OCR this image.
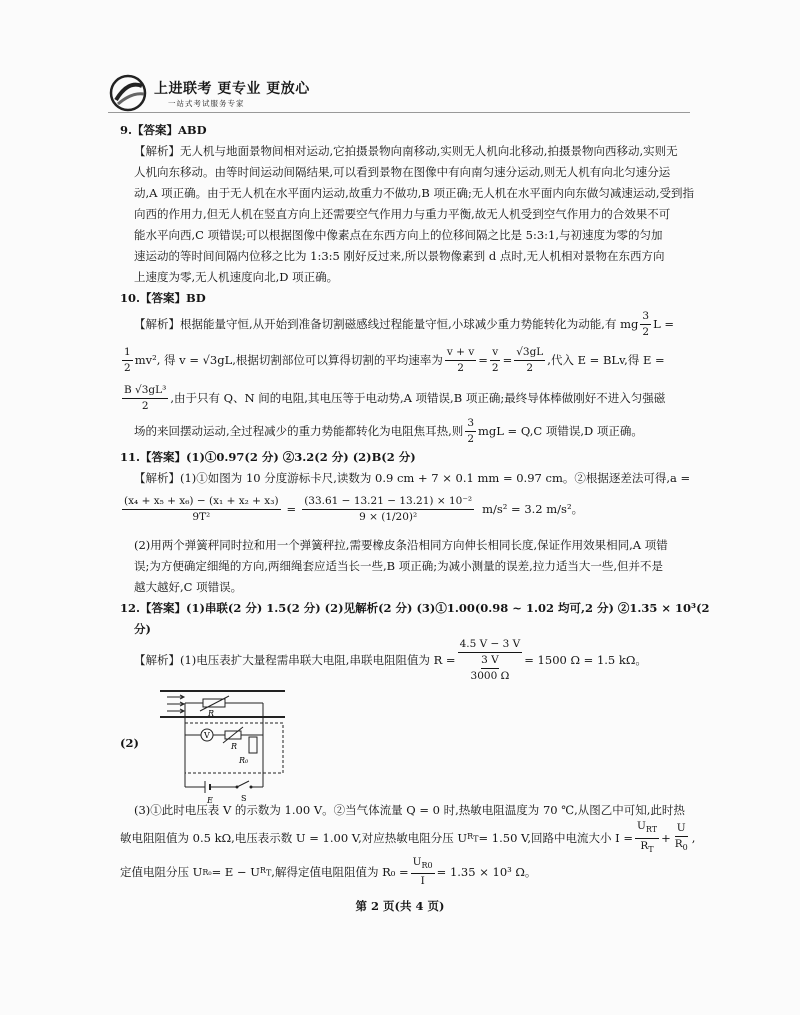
上进联考 更专业 更放心
一站式考试服务专家
9.【答案】ABD
【解析】无人机与地面景物间相对运动,它拍摄景物向南移动,实则无人机向北移动,拍摄景物向西移动,实则无
人机向东移动。由等时间运动间隔结果,可以看到景物在图像中有向南匀速分运动,则无人机有向北匀速分运
动,A 项正确。由于无人机在水平面内运动,故重力不做功,B 项正确;无人机在水平面内向东做匀减速运动,受到指
向西的作用力,但无人机在竖直方向上还需要空气作用力与重力平衡,故无人机受到空气作用力的合效果不可
能水平向西,C 项错误;可以根据图像中像素点在东西方向上的位移间隔之比是 5:3:1,与初速度为零的匀加
速运动的等时间间隔内位移之比为 1:3:5 刚好反过来,所以景物像素到 d 点时,无人机相对景物在东西方向
上速度为零,无人机速度向北,D 项正确。
10.【答案】BD
【解析】根据能量守恒,从开始到准备切割磁感线过程能量守恒,小球减少重力势能转化为动能,有 mg $\frac{3}{2}$ L =
$\frac{1}{2} mv^2$, 得 v = √3gL,根据切割部位可以算得切割的平均速率为 $\frac{v + v}{2} = \frac{v}{2} = \frac{√3gL}{2}$ ,代入 E = BLv,得 E =
$\frac{\text{B √3gL³}}{2}$ ,由于只有 Q、N 间的电阻,其电压等于电动势,A 项错误,B 项正确;最终导体棒做刚好不进入匀强磁
场的来回摆动运动,全过程减少的重力势能都转化为电阻焦耳热,则 $\frac{3}{2}$ mgL = Q,C 项错误,D 项正确。
11.【答案】(1)①0.97(2 分) ②3.2(2 分) (2)B(2 分)
【解析】(1)①如图为 10 分度游标卡尺,读数为 0.9 cm + 7 × 0.1 mm = 0.97 cm。②根据逐差法可得,a =
$\frac{\text{(x₄ + x₅ + x₆) − (x₁ + x₂ + x₃)}}{\text{9T²}} = \frac{\text{(33.61 − 13.21 − 13.21) × 10⁻²}}{\text{9 × (1/20)²}} m/s^2 = 3.2$ m/s²。
(2)用两个弹簧秤同时拉和用一个弹簧秤拉,需要橡皮条沿相同方向伸长相同长度,保证作用效果相同,A 项错
误;为方便确定细绳的方向,两细绳套应适当长一些,B 项正确;为减小测量的误差,拉力适当大一些,但并不是
越大越好,C 项错误。
12.【答案】(1)串联(2 分) 1.5(2 分) (2)见解析(2 分) (3)①1.00(0.98 ~ 1.02 均可,2 分) ②1.35 × 10³(2
分)
【解析】(1)电压表扩大量程需串联大电阻,串联电阻阻值为 R = 4.5 V − 3 V
3 V
3000 Ω = 1500 Ω = 1.5 kΩ。
(2)
R
V
R
R₀
E	S
(3)①此时电压表 V 的示数为 1.00 V。②当气体流量 Q = 0 时,热敏电阻温度为 70 ℃,从图乙中可知,此时热
敏电阻阻值为 0.5 kΩ,电压表示数 U = 1.00 V,对应热敏电阻分压 U $R_T = 1.50$ V,回路中电流大小 $I = \frac{U_{RT}}{R_T} + \frac{U}{R_0}$ ,
定值电阻分压 U R₀ = E − U $R_T$ ,解得定值电阻阻值为 $R_0 = \frac{U_{R0}}{I} = 1.35 \times 10^3$ Ω。
第 2 页(共 4 页)
